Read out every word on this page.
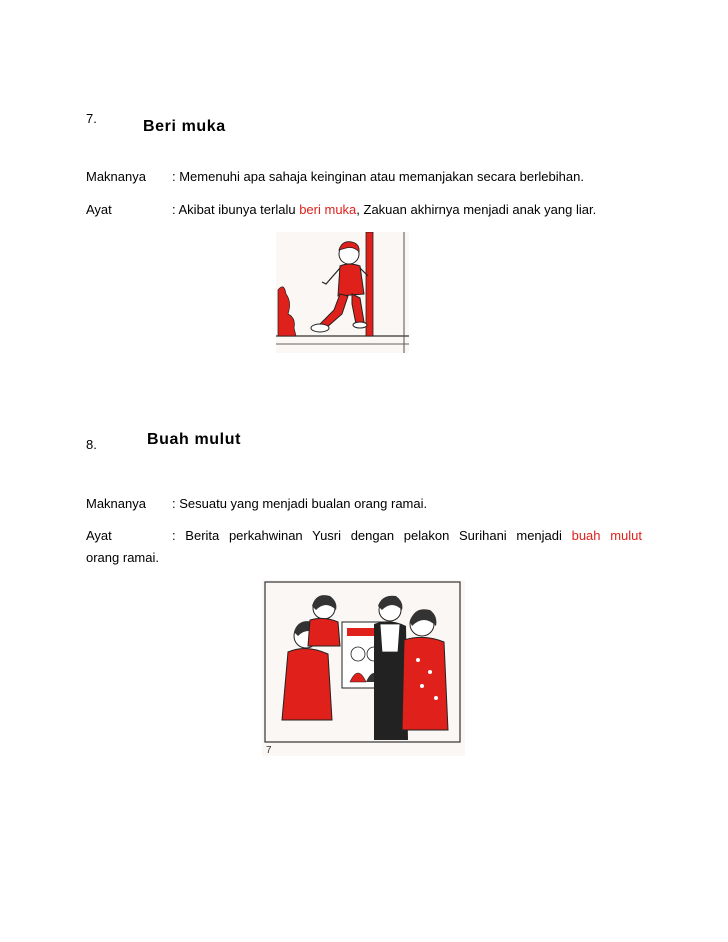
7.	Beri muka
Maknanya : Memenuhi apa sahaja keinginan atau memanjakan secara berlebihan.
Ayat	: Akibat ibunya terlalu beri muka, Zakuan akhirnya menjadi anak yang liar.
8.	Buah mulut
Maknanya : Sesuatu yang menjadi bualan orang ramai.
Ayat	: Berita perkahwinan Yusri dengan pelakon Surihani menjadi buah mulut
orang ramai.
7
